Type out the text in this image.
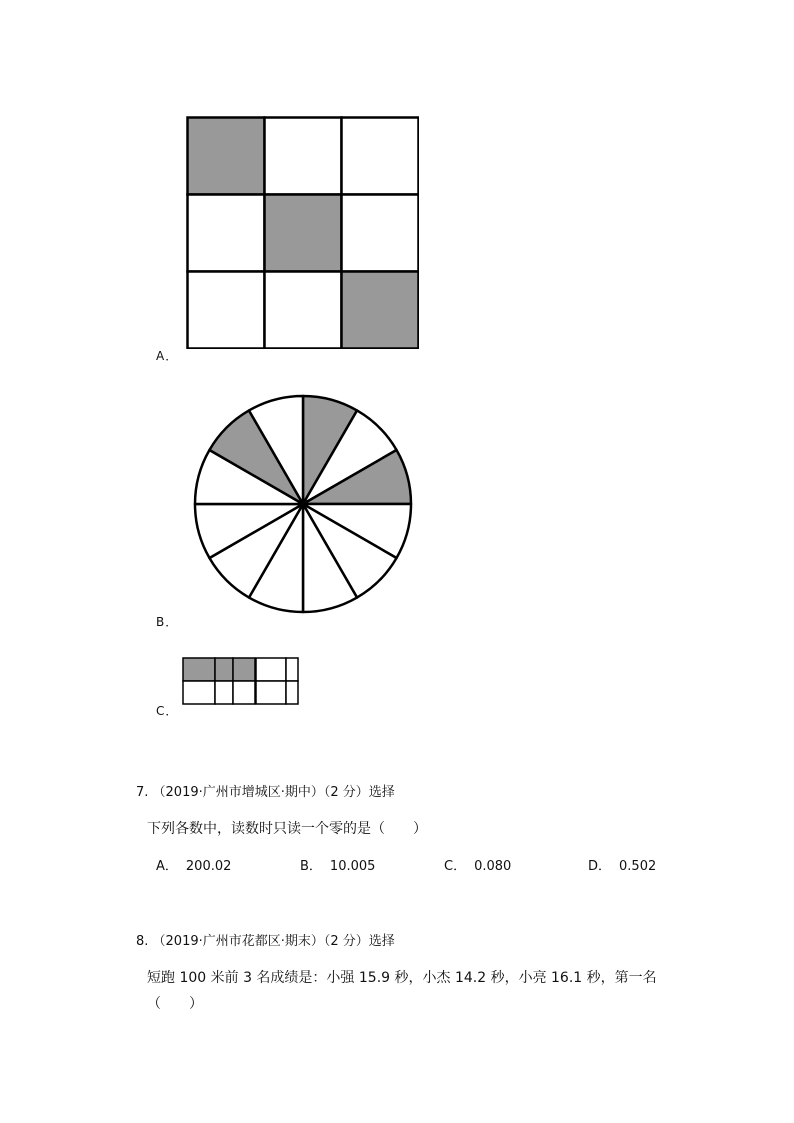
A．
B．
C．
7. （2019·广州市增城区·期中）（2 分）选择
下列各数中，读数时只读一个零的是（　　）
A． 200.02	B． 10.005	C． 0.080	D． 0.502
8. （2019·广州市花都区·期末）（2 分）选择
短跑 100 米前 3 名成绩是：小强 15.9 秒，小杰 14.2 秒，小亮 16.1 秒，第一名
（　　）
